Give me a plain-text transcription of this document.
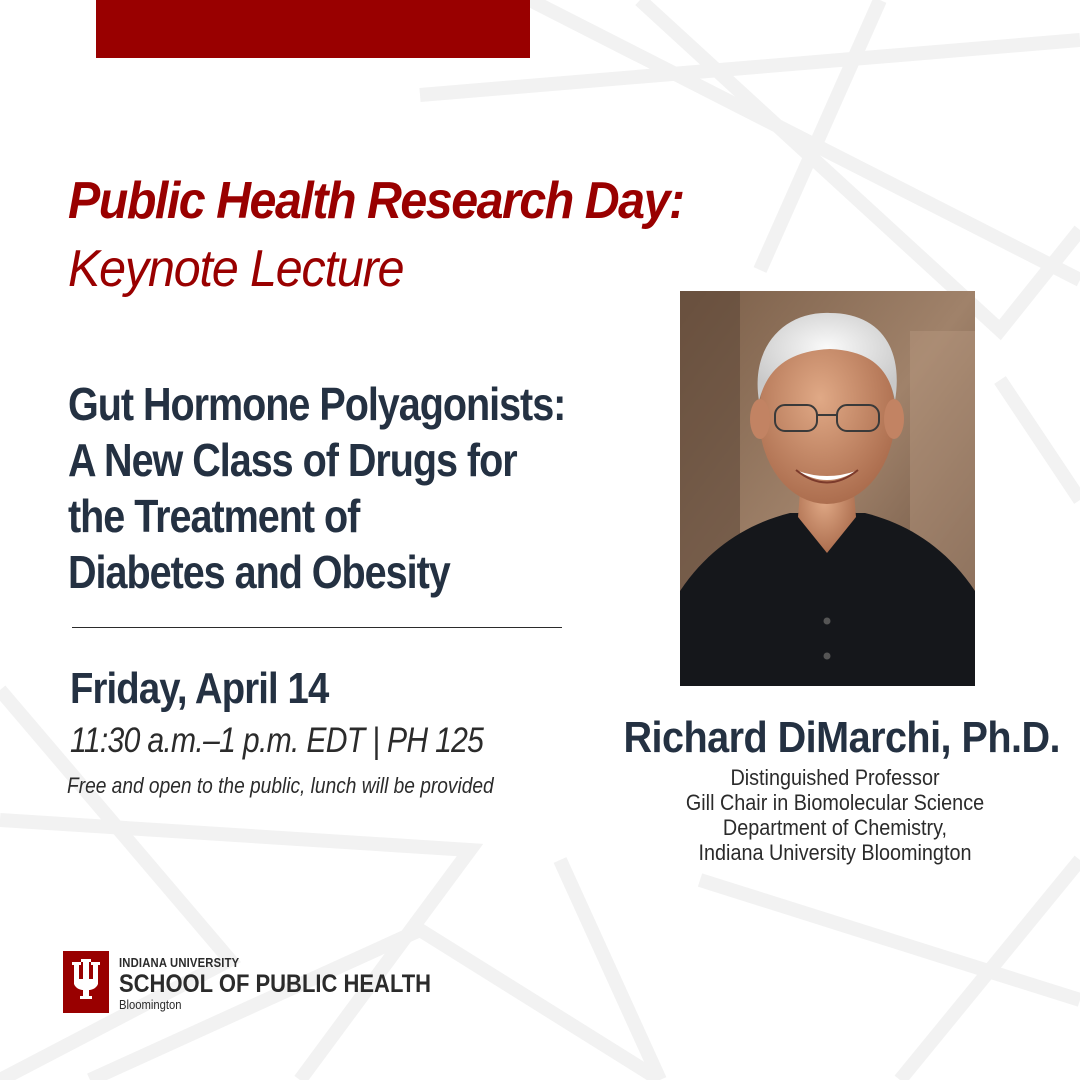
Public Health Research Day:
Keynote Lecture
Gut Hormone Polyagonists:
A New Class of Drugs for
the Treatment of
Diabetes and Obesity
Friday, April 14
11:30 a.m.–1 p.m. EDT | PH 125
Free and open to the public, lunch will be provided
Richard DiMarchi, Ph.D.
Distinguished Professor
Gill Chair in Biomolecular Science
Department of Chemistry,
Indiana University Bloomington
INDIANA UNIVERSITY
SCHOOL OF PUBLIC HEALTH
Bloomington
